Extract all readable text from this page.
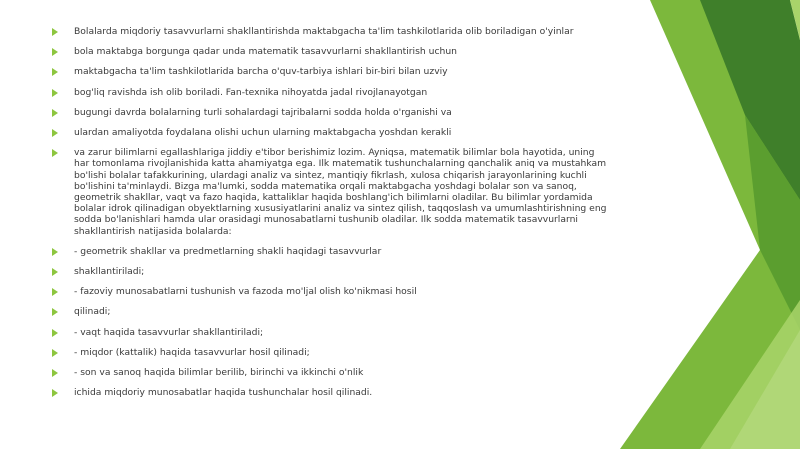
Bolalarda miqdoriy tasavvurlarni shakllantirishda maktabgacha ta'lim tashkilotlarida olib boriladigan o'yinlar
bola maktabga borgunga qadar unda matematik tasavvurlarni shakllantirish uchun
maktabgacha ta'lim tashkilotlarida barcha o'quv-tarbiya ishlari bir-biri bilan uzviy
bog'liq ravishda ish olib boriladi. Fan-texnika nihoyatda jadal rivojlanayotgan
bugungi davrda bolalarning turli sohalardagi tajribalarni sodda holda o'rganishi va
ulardan amaliyotda foydalana olishi uchun ularning maktabgacha yoshdan kerakli
va zarur bilimlarni egallashlariga jiddiy e'tibor berishimiz lozim. Ayniqsa, matematik bilimlar bola hayotida, uning har tomonlama rivojlanishida katta ahamiyatga ega. Ilk matematik tushunchalarning qanchalik aniq va mustahkam bo'lishi bolalar tafakkurining, ulardagi analiz va sintez, mantiqiy fikrlash, xulosa chiqarish jarayonlarining kuchli bo'lishini ta'minlaydi. Bizga ma'lumki, sodda matematika orqali maktabgacha yoshdagi bolalar son va sanoq, geometrik shakllar, vaqt va fazo haqida, kattaliklar haqida boshlang'ich bilimlarni oladilar. Bu bilimlar yordamida bolalar idrok qilinadigan obyektlarning xususiyatlarini analiz va sintez qilish, taqqoslash va umumlashtirishning eng sodda bo'lanishlari hamda ular orasidagi munosabatlarni tushunib oladilar. Ilk sodda matematik tasavvurlarni shakllantirish natijasida bolalarda:
- geometrik shakllar va predmetlarning shakli haqidagi tasavvurlar
shakllantiriladi;
- fazoviy munosabatlarni tushunish va fazoda mo'ljal olish ko'nikmasi hosil
qilinadi;
- vaqt haqida tasavvurlar shakllantiriladi;
- miqdor (kattalik) haqida tasavvurlar hosil qilinadi;
- son va sanoq haqida bilimlar berilib, birinchi va ikkinchi o'nlik
ichida miqdoriy munosabatlar haqida tushunchalar hosil qilinadi.
